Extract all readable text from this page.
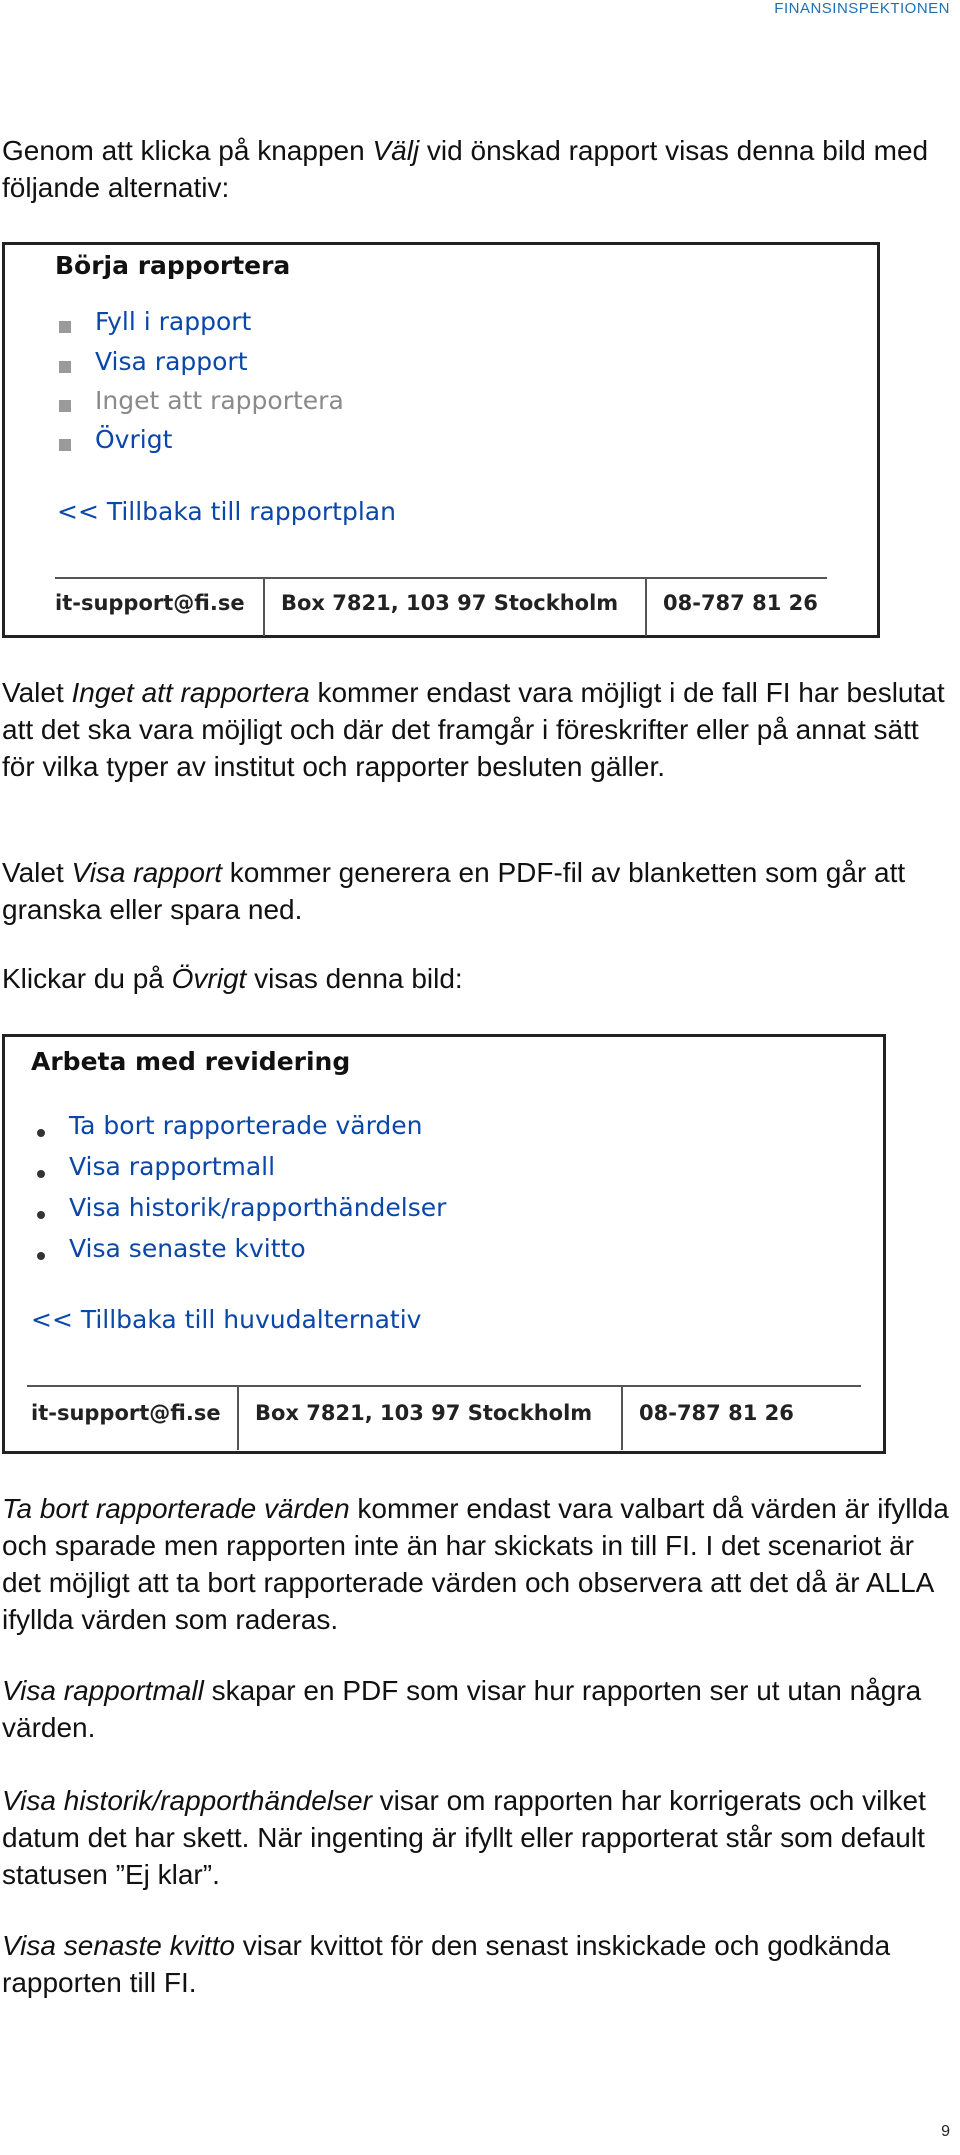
FINANSINSPEKTIONEN

Genom att klicka på knappen Välj vid önskad rapport visas denna bild med följande alternativ:

Börja rapportera
Fyll i rapport
Visa rapport
Inget att rapportera
Övrigt
<< Tillbaka till rapportplan
it-support@fi.se Box 7821, 103 97 Stockholm 08-787 81 26

Valet Inget att rapportera kommer endast vara möjligt i de fall FI har beslutat att det ska vara möjligt och där det framgår i föreskrifter eller på annat sätt för vilka typer av institut och rapporter besluten gäller.

Valet Visa rapport kommer generera en PDF-fil av blanketten som går att granska eller spara ned.

Klickar du på Övrigt visas denna bild:

Arbeta med revidering
Ta bort rapporterade värden
Visa rapportmall
Visa historik/rapporthändelser
Visa senaste kvitto
<< Tillbaka till huvudalternativ
it-support@fi.se Box 7821, 103 97 Stockholm 08-787 81 26

Ta bort rapporterade värden kommer endast vara valbart då värden är ifyllda och sparade men rapporten inte än har skickats in till FI. I det scenariot är det möjligt att ta bort rapporterade värden och observera att det då är ALLA ifyllda värden som raderas.

Visa rapportmall skapar en PDF som visar hur rapporten ser ut utan några värden.

Visa historik/rapporthändelser visar om rapporten har korrigerats och vilket datum det har skett. När ingenting är ifyllt eller rapporterat står som default statusen ”Ej klar”.

Visa senaste kvitto visar kvittot för den senast inskickade och godkända rapporten till FI.

9
